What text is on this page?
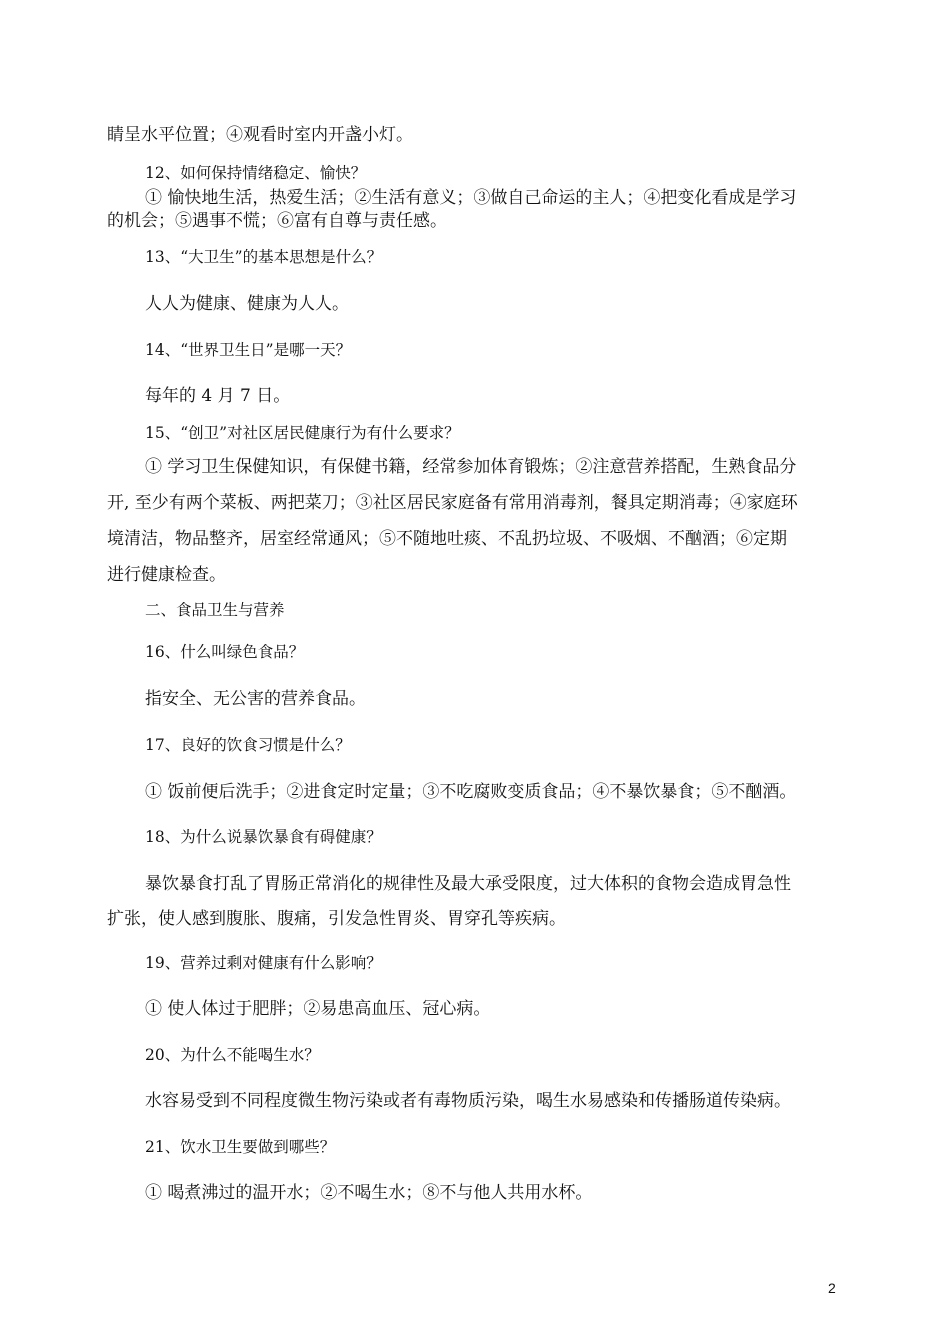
睛呈水平位置；④观看时室内开盏小灯。
12、如何保持情绪稳定、愉快？
① 愉快地生活，热爱生活；②生活有意义；③做自己命运的主人；④把变化看成是学习
的机会；⑤遇事不慌；⑥富有自尊与责任感。
13、“大卫生”的基本思想是什么？
人人为健康、健康为人人。
14、“世界卫生日”是哪一天？
每年的 4 月 7 日。
15、“创卫”对社区居民健康行为有什么要求？
① 学习卫生保健知识，有保健书籍，经常参加体育锻炼；②注意营养搭配，生熟食品分
开, 至少有两个菜板、两把菜刀；③社区居民家庭备有常用消毒剂，餐具定期消毒；④家庭环
境清洁，物品整齐，居室经常通风；⑤不随地吐痰、不乱扔垃圾、不吸烟、不酗酒；⑥定期
进行健康检查。
二、食品卫生与营养
16、什么叫绿色食品？
指安全、无公害的营养食品。
17、良好的饮食习惯是什么？
① 饭前便后洗手；②进食定时定量；③不吃腐败变质食品；④不暴饮暴食；⑤不酗酒。
18、为什么说暴饮暴食有碍健康？
暴饮暴食打乱了胃肠正常消化的规律性及最大承受限度，过大体积的食物会造成胃急性
扩张，使人感到腹胀、腹痛，引发急性胃炎、胃穿孔等疾病。
19、营养过剩对健康有什么影响？
① 使人体过于肥胖；②易患高血压、冠心病。
20、为什么不能喝生水？
水容易受到不同程度微生物污染或者有毒物质污染，喝生水易感染和传播肠道传染病。
21、饮水卫生要做到哪些？
① 喝煮沸过的温开水；②不喝生水；⑧不与他人共用水杯。
2
